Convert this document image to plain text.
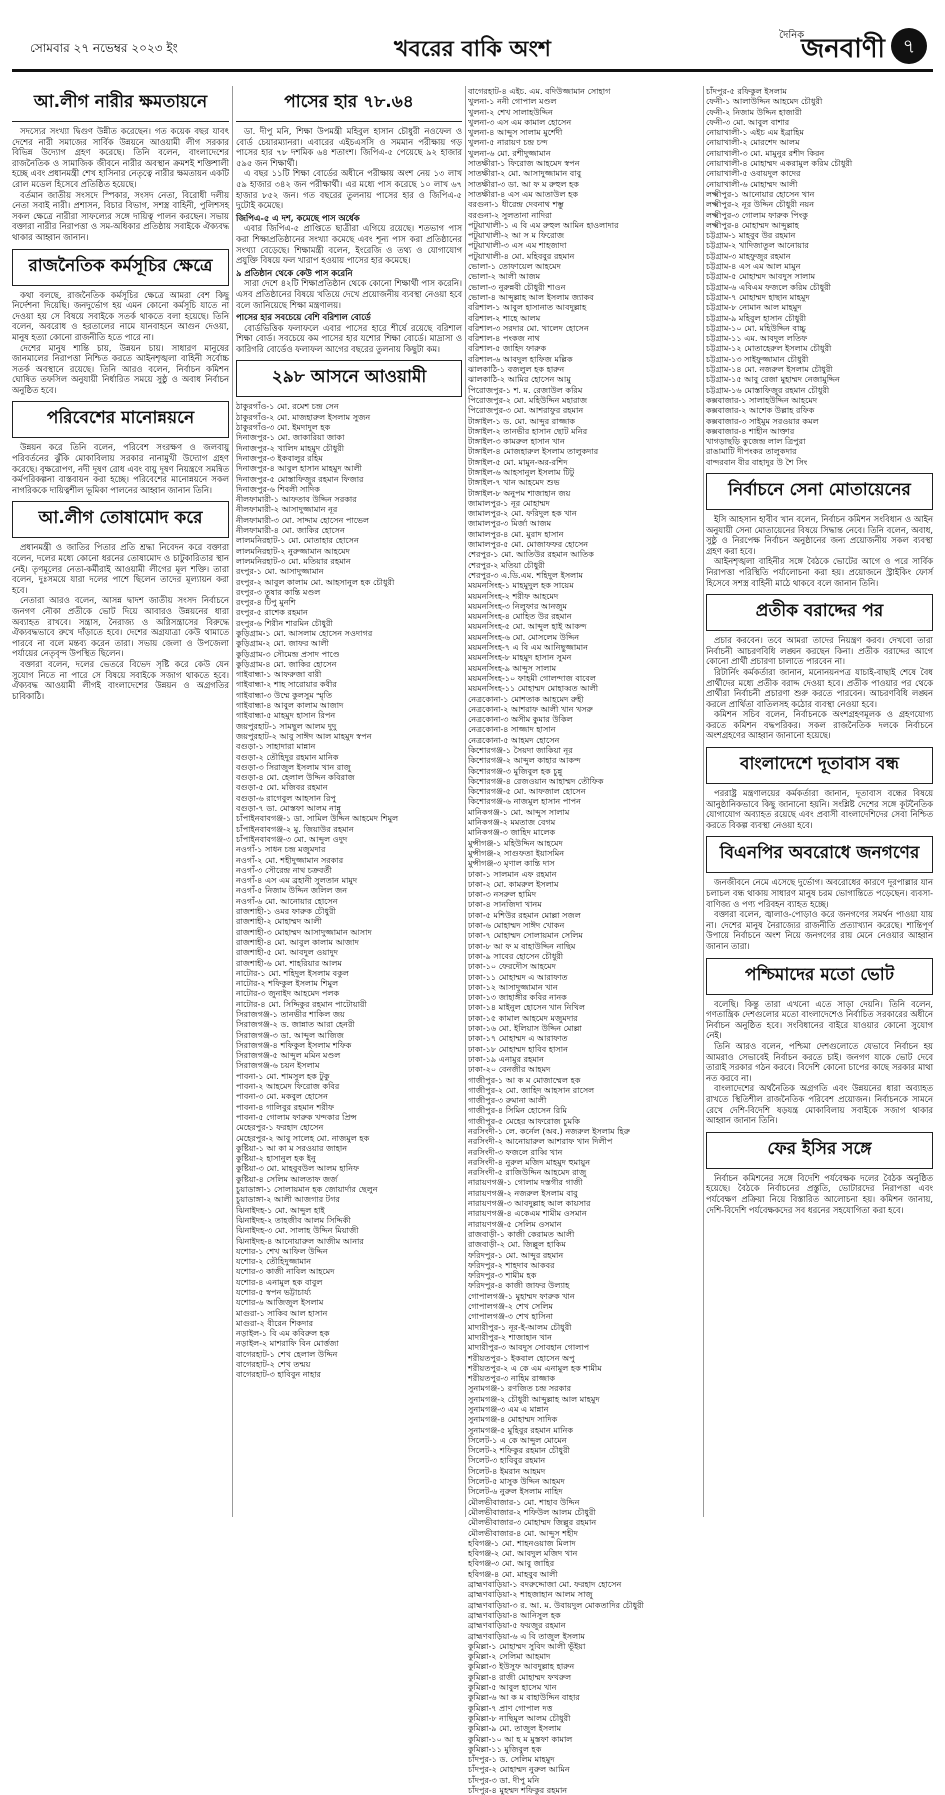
সোমবার ২৭ নভেম্বর ২০২৩ ইং	খবরের বাকি অংশ
দৈনিক
জনবাণী ৭
আ.লীগ নারীর ক্ষমতায়নে

সদস্যের সংখ্যা দ্বিগুণ উন্নীত করেছেন। গত কয়েক বছর যাবৎ দেশের নারী সমাজের সার্বিক উন্নয়নে আওয়ামী লীগ সরকার বিভিন্ন উদ্যোগ গ্রহণ করেছে। তিনি বলেন, বাংলাদেশের রাজনৈতিক ও সামাজিক জীবনে নারীর অবস্থান ক্রমশই শক্তিশালী হচ্ছে এবং প্রধানমন্ত্রী শেখ হাসিনার নেতৃত্বে নারীর ক্ষমতায়ন একটি রোল মডেল হিসেবে প্রতিষ্ঠিত হয়েছে।

বর্তমান জাতীয় সংসদে স্পিকার, সংসদ নেতা, বিরোধী দলীয় নেতা সবাই নারী। প্রশাসন, বিচার বিভাগ, সশস্ত্র বাহিনী, পুলিশসহ সকল ক্ষেত্রে নারীরা সাফল্যের সঙ্গে দায়িত্ব পালন করছেন। সভায় বক্তারা নারীর নিরাপত্তা ও সম-অধিকার প্রতিষ্ঠায় সবাইকে ঐক্যবদ্ধ থাকার আহ্বান জানান।

রাজনৈতিক কর্মসূচির ক্ষেত্রে

কথা বলছে, রাজনৈতিক কর্মসূচির ক্ষেত্রে আমরা বেশ কিছু নির্দেশনা দিয়েছি। জনদুর্ভোগ হয় এমন কোনো কর্মসূচি যাতে না দেওয়া হয় সে বিষয়ে সবাইকে সতর্ক থাকতে বলা হয়েছে। তিনি বলেন, অবরোধ ও হরতালের নামে যানবাহনে আগুন দেওয়া, মানুষ হত্যা কোনো রাজনীতি হতে পারে না।

দেশের মানুষ শান্তি চায়, উন্নয়ন চায়। সাধারণ মানুষের জানমালের নিরাপত্তা নিশ্চিত করতে আইনশৃঙ্খলা বাহিনী সর্বোচ্চ সতর্ক অবস্থানে রয়েছে। তিনি আরও বলেন, নির্বাচন কমিশন ঘোষিত তফসিল অনুযায়ী নির্ধারিত সময়ে সুষ্ঠু ও অবাধ নির্বাচন অনুষ্ঠিত হবে।

পরিবেশের মানোন্নয়নে

উন্নয়ন করে তিনি বলেন, পরিবেশ সংরক্ষণ ও জলবায়ু পরিবর্তনের ঝুঁকি মোকাবিলায় সরকার নানামুখী উদ্যোগ গ্রহণ করেছে। বৃক্ষরোপণ, নদী দূষণ রোধ এবং বায়ু দূষণ নিয়ন্ত্রণে সমন্বিত কর্মপরিকল্পনা বাস্তবায়ন করা হচ্ছে। পরিবেশের মানোন্নয়নে সকল নাগরিককে দায়িত্বশীল ভূমিকা পালনের আহ্বান জানান তিনি।

আ.লীগ তোষামোদ করে

প্রধানমন্ত্রী ও জাতির পিতার প্রতি শ্রদ্ধা নিবেদন করে বক্তারা বলেন, দলের মধ্যে কোনো ধরনের তোষামোদ ও চাটুকারিতার স্থান নেই। তৃণমূলের নেতা-কর্মীরাই আওয়ামী লীগের মূল শক্তি। তারা বলেন, দুঃসময়ে যারা দলের পাশে ছিলেন তাদের মূল্যায়ন করা হবে।

নেতারা আরও বলেন, আসন্ন দ্বাদশ জাতীয় সংসদ নির্বাচনে জনগণ নৌকা প্রতীকে ভোট দিয়ে আবারও উন্নয়নের ধারা অব্যাহত রাখবে। সন্ত্রাস, নৈরাজ্য ও অগ্নিসন্ত্রাসের বিরুদ্ধে ঐক্যবদ্ধভাবে রুখে দাঁড়াতে হবে। দেশের অগ্রযাত্রা কেউ থামাতে পারবে না বলে মন্তব্য করেন তারা। সভায় জেলা ও উপজেলা পর্যায়ের নেতৃবৃন্দ উপস্থিত ছিলেন।

বক্তারা বলেন, দলের ভেতরে বিভেদ সৃষ্টি করে কেউ যেন সুযোগ নিতে না পারে সে বিষয়ে সবাইকে সজাগ থাকতে হবে। ঐক্যবদ্ধ আওয়ামী লীগই বাংলাদেশের উন্নয়ন ও অগ্রগতির চাবিকাঠি।

পাসের হার ৭৮.৬৪

ডা. দীপু মনি, শিক্ষা উপমন্ত্রী মহিবুল হাসান চৌধুরী নওফেল ও বোর্ড চেয়ারম্যানরা। এবারের এইচএসসি ও সমমান পরীক্ষায় গড় পাসের হার ৭৮ দশমিক ৬৪ শতাংশ। জিপিএ-৫ পেয়েছে ৯২ হাজার ৫৯৫ জন শিক্ষার্থী।

এ বছর ১১টি শিক্ষা বোর্ডের অধীনে পরীক্ষায় অংশ নেয় ১৩ লাখ ৫৯ হাজার ৩৪২ জন পরীক্ষার্থী। এর মধ্যে পাস করেছে ১০ লাখ ৬৭ হাজার ৮৫২ জন। গত বছরের তুলনায় পাসের হার ও জিপিএ-৫ দুটোই কমেছে।

জিপিএ-৫ এ দশ, কমেছে পাস অর্ধেক

এবার জিপিএ-৫ প্রাপ্তিতে ছাত্রীরা এগিয়ে রয়েছে। শতভাগ পাস করা শিক্ষাপ্রতিষ্ঠানের সংখ্যা কমেছে এবং শূন্য পাস করা প্রতিষ্ঠানের সংখ্যা বেড়েছে। শিক্ষামন্ত্রী বলেন, ইংরেজি ও তথ্য ও যোগাযোগ প্রযুক্তি বিষয়ে ফল খারাপ হওয়ায় পাসের হার কমেছে।

৯ প্রতিষ্ঠান থেকে কেউ পাস করেনি

সারা দেশে ৪২টি শিক্ষাপ্রতিষ্ঠান থেকে কোনো শিক্ষার্থী পাস করেনি। এসব প্রতিষ্ঠানের বিষয়ে খতিয়ে দেখে প্রয়োজনীয় ব্যবস্থা নেওয়া হবে বলে জানিয়েছে শিক্ষা মন্ত্রণালয়।

পাসের হার সবচেয়ে বেশি বরিশাল বোর্ডে

বোর্ডভিত্তিক ফলাফলে এবার পাসের হারে শীর্ষে রয়েছে বরিশাল শিক্ষা বোর্ড। সবচেয়ে কম পাসের হার যশোর শিক্ষা বোর্ডে। মাদ্রাসা ও কারিগরি বোর্ডেও ফলাফল আগের বছরের তুলনায় কিছুটা কম।

২৯৮ আসনে আওয়ামী
ঠাকুরগাঁও-১ মো. রমেশ চন্দ্র সেন
ঠাকুরগাঁও-২ মো. মাজহারুল ইসলাম সুজন
ঠাকুরগাঁও-৩ মো. ইমদাদুল হক
দিনাজপুর-১ মো. জাকারিয়া জাকা
দিনাজপুর-২ খালিদ মাহমুদ চৌধুরী
দিনাজপুর-৩ ইকবালুর রহিম
দিনাজপুর-৪ আবুল হাসান মাহমুদ আলী
দিনাজপুর-৫ মোস্তাফিজুর রহমান ফিজার
দিনাজপুর-৬ শিবলী সাদিক
নীলফামারী-১ আফতাব উদ্দিন সরকার
নীলফামারী-২ আসাদুজ্জামান নূর
নীলফামারী-৩ মো. সাদ্দাম হোসেন পাভেল
নীলফামারী-৪ মো. জাকির হোসেন
লালমনিরহাট-১ মো. মোতাহার হোসেন
লালমনিরহাট-২ নুরুজ্জামান আহমেদ
লালমনিরহাট-৩ মো. মতিয়ার রহমান
রংপুর-১ মো. আসাদুজ্জামান
রংপুর-২ আবুল কালাম মো. আহসানুল হক চৌধুরী
রংপুর-৩ তুষার কান্তি মণ্ডল
রংপুর-৪ টিপু মুনশি
রংপুর-৫ রাশেক রহমান
রংপুর-৬ শিরীন শারমিন চৌধুরী
কুড়িগ্রাম-১ মো. আসলাম হোসেন সওদাগর
কুড়িগ্রাম-২ মো. জাফর আলী
কুড়িগ্রাম-৩ সৌমেন্দ্র প্রসাদ পাণ্ডে
কুড়িগ্রাম-৪ মো. জাকির হোসেন
গাইবান্ধা-১ আফরুজা বারী
গাইবান্ধা-২ শাহ সারোয়ার কবীর
গাইবান্ধা-৩ উম্মে কুলসুম স্মৃতি
গাইবান্ধা-৪ আবুল কালাম আজাদ
গাইবান্ধা-৫ মাহমুদ হাসান রিপন
জয়পুরহাট-১ সামছুল আলম দুদু
জয়পুরহাট-২ আবু সাঈদ আল মাহমুদ স্বপন
বগুড়া-১ সাহাদারা মান্নান
বগুড়া-২ তৌহিদুর রহমান মানিক
বগুড়া-৩ সিরাজুল ইসলাম খান রাজু
বগুড়া-৪ মো. হেলাল উদ্দিন কবিরাজ
বগুড়া-৫ মো. মজিবর রহমান
বগুড়া-৬ রাগেবুল আহসান রিপু
বগুড়া-৭ ডা. মোস্তফা আলম নান্নু
চাঁপাইনবাবগঞ্জ-১ ডা. সামিল উদ্দিন আহমেদ শিমুল
চাঁপাইনবাবগঞ্জ-২ মু. জিয়াউর রহমান
চাঁপাইনবাবগঞ্জ-৩ মো. আব্দুল ওদুদ
নওগাঁ-১ সাধন চন্দ্র মজুমদার
নওগাঁ-২ মো. শহীদুজ্জামান সরকার
নওগাঁ-৩ সৌরেন্দ্র নাথ চক্রবর্তী
নওগাঁ-৪ এস এম ব্রহানী সুলতান মামুদ
নওগাঁ-৫ নিজাম উদ্দিন জলিল জন
নওগাঁ-৬ মো. আনোয়ার হোসেন
রাজশাহী-১ ওমর ফারুক চৌধুরী
রাজশাহী-২ মোহাম্মদ আলী
রাজশাহী-৩ মোহাম্মদ আসাদুজ্জামান আসাদ
রাজশাহী-৪ মো. আবুল কালাম আজাদ
রাজশাহী-৫ মো. আবদুল ওয়াদুদ
রাজশাহী-৬ মো. শাহরিয়ার আলম
নাটোর-১ মো. শহিদুল ইসলাম বকুল
নাটোর-২ শফিকুল ইসলাম শিমুল
নাটোর-৩ জুনাইদ আহমেদ পলক
নাটোর-৪ মো. সিদ্দিকুর রহমান পাটোয়ারী
সিরাজগঞ্জ-১ তানভীর শাকিল জয়
সিরাজগঞ্জ-২ ড. জান্নাত আরা হেনরী
সিরাজগঞ্জ-৩ ডা. আব্দুল আজিজ
সিরাজগঞ্জ-৪ শফিকুল ইসলাম শফিক
সিরাজগঞ্জ-৫ আব্দুল মমিন মণ্ডল
সিরাজগঞ্জ-৬ চয়ন ইসলাম
পাবনা-১ মো. শামসুল হক টুকু
পাবনা-২ আহমেদ ফিরোজ কবির
পাবনা-৩ মো. মকবুল হোসেন
পাবনা-৪ গালিবুর রহমান শরীফ
পাবনা-৫ গোলাম ফারুক খন্দকার প্রিন্স
মেহেরপুর-১ ফরহাদ হোসেন
মেহেরপুর-২ আবু সালেহ মো. নাজমুল হক
কুষ্টিয়া-১ আ কা ম সরওয়ার জাহান
কুষ্টিয়া-২ হাসানুল হক ইনু
কুষ্টিয়া-৩ মো. মাহবুবউল আলম হানিফ
কুষ্টিয়া-৪ সেলিম আলতাফ জর্জ
চুয়াডাঙ্গা-১ সোলায়মান হক জোয়ার্দার ছেলুন
চুয়াডাঙ্গা-২ আলী আজগার টগর
ঝিনাইদহ-১ মো. আব্দুল হাই
ঝিনাইদহ-২ তাহজীব আলম সিদ্দিকী
ঝিনাইদহ-৩ মো. সালাহ উদ্দিন মিয়াজী
ঝিনাইদহ-৪ আনোয়ারুল আজীম আনার
যশোর-১ শেখ আফিল উদ্দিন
যশোর-২ তৌহিদুজ্জামান
যশোর-৩ কাজী নাবিল আহমেদ
যশোর-৪ এনামুল হক বাবুল
যশোর-৫ স্বপন ভট্টাচার্য্য
যশোর-৬ আজিজুল ইসলাম
মাগুরা-১ সাকিব আল হাসান
মাগুরা-২ বীরেন শিকদার
নড়াইল-১ বি এম কবিরুল হক
নড়াইল-২ মাশরাফি বিন মোর্ত্তজা
বাগেরহাট-১ শেখ হেলাল উদ্দিন
বাগেরহাট-২ শেখ তন্ময়
বাগেরহাট-৩ হাবিবুন নাহার
বাগেরহাট-৪ এইচ. এম. বদিউজ্জামান সোহাগ
খুলনা-১ ননী গোপাল মণ্ডল
খুলনা-২ শেখ সালাহউদ্দিন
খুলনা-৩ এস এম কামাল হোসেন
খুলনা-৪ আব্দুস সালাম মুর্শেদী
খুলনা-৫ নারায়ণ চন্দ্র চন্দ
খুলনা-৬ মো. রশীদুজ্জামান
সাতক্ষীরা-১ ফিরোজ আহমেদ স্বপন
সাতক্ষীরা-২ মো. আসাদুজ্জামান বাবু
সাতক্ষীরা-৩ ডা. আ ফ ম রুহুল হক
সাতক্ষীরা-৪ এস এম আতাউল হক
বরগুনা-১ ধীরেন্দ্র দেবনাথ শম্ভু
বরগুনা-২ সুলতানা নাদিরা
পটুয়াখালী-১ এ বি এম রুহুল আমিন হাওলাদার
পটুয়াখালী-২ আ স ম ফিরোজ
পটুয়াখালী-৩ এস এম শাহজাদা
পটুয়াখালী-৪ মো. মহিববুর রহমান
ভোলা-১ তোফায়েল আহমেদ
ভোলা-২ আলী আজম
ভোলা-৩ নুরুন্নবী চৌধুরী শাওন
ভোলা-৪ আব্দুল্লাহ আল ইসলাম জ্যাকব
বরিশাল-১ আবুল হাসানাত আবদুল্লাহ
বরিশাল-২ শাহে আলম
বরিশাল-৩ সরদার মো. খালেদ হোসেন
বরিশাল-৪ পংকজ নাথ
বরিশাল-৫ জাহিদ ফারুক
বরিশাল-৬ আবদুল হাফিজ মল্লিক
ঝালকাঠি-১ বজলুল হক হারুন
ঝালকাঠি-২ আমির হোসেন আমু
পিরোজপুর-১ শ. ম. রেজাউল করিম
পিরোজপুর-২ মো. মহিউদ্দিন মহারাজ
পিরোজপুর-৩ মো. আশরাফুর রহমান
টাঙ্গাইল-১ ড. মো. আব্দুর রাজ্জাক
টাঙ্গাইল-২ তানভীর হাসান ছোট মনির
টাঙ্গাইল-৩ কামরুল হাসান খান
টাঙ্গাইল-৪ মোজহারুল ইসলাম তালুকদার
টাঙ্গাইল-৫ মো. মামুন-অর-রশিদ
টাঙ্গাইল-৬ আহসানুল ইসলাম টিটু
টাঙ্গাইল-৭ খান আহমেদ শুভ
টাঙ্গাইল-৮ অনুপম শাজাহান জয়
জামালপুর-১ নূর মোহাম্মদ
জামালপুর-২ মো. ফরিদুল হক খান
জামালপুর-৩ মির্জা আজম
জামালপুর-৪ মো. মুরাদ হাসান
জামালপুর-৫ মো. মোজাফফর হোসেন
শেরপুর-১ মো. আতিউর রহমান আতিক
শেরপুর-২ মতিয়া চৌধুরী
শেরপুর-৩ এ.ডি.এম. শহিদুল ইসলাম
ময়মনসিংহ-১ মাহমুদুল হক সায়েম
ময়মনসিংহ-২ শরীফ আহমেদ
ময়মনসিংহ-৩ নিলুফার আনজুম
ময়মনসিংহ-৪ মোহিত উর রহমান
ময়মনসিংহ-৫ মো. আব্দুল হাই আকন্দ
ময়মনসিংহ-৬ মো. মোসলেম উদ্দিন
ময়মনসিংহ-৭ এ বি এম আনিছুজ্জামান
ময়মনসিংহ-৮ মাহমুদ হাসান সুমন
ময়মনসিংহ-৯ আব্দুস সালাম
ময়মনসিংহ-১০ ফাহমী গোলন্দাজ বাবেল
ময়মনসিংহ-১১ মোহাম্মদ মোহাব্বত আলী
নেত্রকোনা-১ মোশতাক আহমেদ রুহী
নেত্রকোনা-২ আশরাফ আলী খান খসরু
নেত্রকোনা-৩ অসীম কুমার উকিল
নেত্রকোনা-৪ সাজ্জাদ হাসান
নেত্রকোনা-৫ আহমদ হোসেন
কিশোরগঞ্জ-১ সৈয়দা জাকিয়া নূর
কিশোরগঞ্জ-২ আব্দুল কাহার আকন্দ
কিশোরগঞ্জ-৩ মুজিবুল হক চুন্নু
কিশোরগঞ্জ-৪ রেজওয়ান আহাম্মদ তৌফিক
কিশোরগঞ্জ-৫ মো. আফজাল হোসেন
কিশোরগঞ্জ-৬ নাজমুল হাসান পাপন
মানিকগঞ্জ-১ মো. আব্দুস সালাম
মানিকগঞ্জ-২ মমতাজ বেগম
মানিকগঞ্জ-৩ জাহিদ মালেক
মুন্সীগঞ্জ-১ মহিউদ্দিন আহমেদ
মুন্সীগঞ্জ-২ সাগুফতা ইয়াসমিন
মুন্সীগঞ্জ-৩ মৃণাল কান্তি দাস
ঢাকা-১ সালমান এফ রহমান
ঢাকা-২ মো. কামরুল ইসলাম
ঢাকা-৩ নসরুল হামিদ
ঢাকা-৪ সানজিদা খানম
ঢাকা-৫ মশিউর রহমান মোল্লা সজল
ঢাকা-৬ মোহাম্মদ সাঈদ খোকন
ঢাকা-৭ মোহাম্মদ সোলায়মান সেলিম
ঢাকা-৮ আ ফ ম বাহাউদ্দিন নাছিম
ঢাকা-৯ সাবের হোসেন চৌধুরী
ঢাকা-১০ ফেরদৌস আহমেদ
ঢাকা-১১ মোহাম্মদ এ আরাফাত
ঢাকা-১২ আসাদুজ্জামান খান
ঢাকা-১৩ জাহাঙ্গীর কবির নানক
ঢাকা-১৪ মাইনুল হোসেন খান নিখিল
ঢাকা-১৫ কামাল আহমেদ মজুমদার
ঢাকা-১৬ মো. ইলিয়াস উদ্দিন মোল্লা
ঢাকা-১৭ মোহাম্মদ এ আরাফাত
ঢাকা-১৮ মোহাম্মদ হাবিব হাসান
ঢাকা-১৯ এনামুর রহমান
ঢাকা-২০ বেনজীর আহমদ
গাজীপুর-১ আ ক ম মোজাম্মেল হক
গাজীপুর-২ মো. জাহিদ আহসান রাসেল
গাজীপুর-৩ রুমানা আলী
গাজীপুর-৪ সিমিন হোসেন রিমি
গাজীপুর-৫ মেহের আফরোজ চুমকি
নরসিংদী-১ লে. কর্নেল (অব.) নজরুল ইসলাম হিরু
নরসিংদী-২ আনোয়ারুল আশরাফ খান দিলীপ
নরসিংদী-৩ ফজলে রাব্বি খান
নরসিংদী-৪ নুরুল মজিদ মাহমুদ হুমায়ুন
নরসিংদী-৫ রাজিউদ্দিন আহমেদ রাজু
নারায়ণগঞ্জ-১ গোলাম দস্তগীর গাজী
নারায়ণগঞ্জ-২ নজরুল ইসলাম বাবু
নারায়ণগঞ্জ-৩ আবদুল্লাহ আল কায়সার
নারায়ণগঞ্জ-৪ একেএম শামীম ওসমান
নারায়ণগঞ্জ-৫ সেলিম ওসমান
রাজবাড়ী-১ কাজী কেরামত আলী
রাজবাড়ী-২ মো. জিল্লুল হাকিম
ফরিদপুর-১ মো. আব্দুর রহমান
ফরিদপুর-২ শাহদাব আকবর
ফরিদপুর-৩ শামীম হক
ফরিদপুর-৪ কাজী জাফর উল্যাহ
গোপালগঞ্জ-১ মুহাম্মদ ফারুক খান
গোপালগঞ্জ-২ শেখ সেলিম
গোপালগঞ্জ-৩ শেখ হাসিনা
মাদারীপুর-১ নূর-ই-আলম চৌধুরী
মাদারীপুর-২ শাজাহান খান
মাদারীপুর-৩ আবদুস সোবহান গোলাপ
শরীয়তপুর-১ ইকবাল হোসেন অপু
শরীয়তপুর-২ এ কে এম এনামুল হক শামীম
শরীয়তপুর-৩ নাহিম রাজ্জাক
সুনামগঞ্জ-১ রণজিত চন্দ্র সরকার
সুনামগঞ্জ-২ চৌধুরী আব্দুল্লাহ আল মাহমুদ
সুনামগঞ্জ-৩ এম এ মান্নান
সুনামগঞ্জ-৪ মোহাম্মদ সাদিক
সুনামগঞ্জ-৫ মুহিবুর রহমান মানিক
সিলেট-১ এ কে আব্দুল মোমেন
সিলেট-২ শফিকুর রহমান চৌধুরী
সিলেট-৩ হাবিবুর রহমান
সিলেট-৪ ইমরান আহমদ
সিলেট-৫ মাসুক উদ্দিন আহমদ
সিলেট-৬ নুরুল ইসলাম নাহিদ
মৌলভীবাজার-১ মো. শাহাব উদ্দিন
মৌলভীবাজার-২ শফিউল আলম চৌধুরী
মৌলভীবাজার-৩ মোহাম্মদ জিল্লুর রহমান
মৌলভীবাজার-৪ মো. আব্দুস শহীদ
হবিগঞ্জ-১ মো. শাহনওয়াজ মিলাদ
হবিগঞ্জ-২ মো. আবদুল মজিদ খান
হবিগঞ্জ-৩ মো. আবু জাহির
হবিগঞ্জ-৪ মো. মাহবুব আলী
ব্রাহ্মণবাড়িয়া-১ বদরুদ্দোজা মো. ফরহাদ হোসেন
ব্রাহ্মণবাড়িয়া-২ শাহজাহান আলম সাজু
ব্রাহ্মণবাড়িয়া-৩ র. আ. ম. উবায়দুল মোকতাদির চৌধুরী
ব্রাহ্মণবাড়িয়া-৪ আনিসুল হক
ব্রাহ্মণবাড়িয়া-৫ ফয়জুর রহমান
ব্রাহ্মণবাড়িয়া-৬ এ বি তাজুল ইসলাম
কুমিল্লা-১ মোহাম্মদ সুবিদ আলী ভূঁইয়া
কুমিল্লা-২ সেলিমা আহমাদ
কুমিল্লা-৩ ইউসুফ আবদুল্লাহ হারুন
কুমিল্লা-৪ রাজী মোহাম্মদ ফখরুল
কুমিল্লা-৫ আবুল হাসেম খান
কুমিল্লা-৬ আ ক ম বাহাউদ্দিন বাহার
কুমিল্লা-৭ প্রাণ গোপাল দত্ত
কুমিল্লা-৮ নাছিমুল আলম চৌধুরী
কুমিল্লা-৯ মো. তাজুল ইসলাম
কুমিল্লা-১০ আ হ ম মুস্তফা কামাল
কুমিল্লা-১১ মুজিবুল হক
চাঁদপুর-১ ড. সেলিম মাহমুদ
চাঁদপুর-২ মোহাম্মদ নুরুল আমিন
চাঁদপুর-৩ ডা. দীপু মনি
চাঁদপুর-৪ মুহম্মদ শফিকুর রহমান
চাঁদপুর-৫ রফিকুল ইসলাম
ফেনী-১ আলাউদ্দিন আহমেদ চৌধুরী
ফেনী-২ নিজাম উদ্দিন হাজারী
ফেনী-৩ মো. আবুল বাশার
নোয়াখালী-১ এইচ এম ইব্রাহিম
নোয়াখালী-২ মোরশেদ আলম
নোয়াখালী-৩ মো. মামুনুর রশীদ কিরন
নোয়াখালী-৪ মোহাম্মদ একরামুল করিম চৌধুরী
নোয়াখালী-৫ ওবায়দুল কাদের
নোয়াখালী-৬ মোহাম্মদ আলী
লক্ষ্মীপুর-১ আনোয়ার হোসেন খান
লক্ষ্মীপুর-২ নূর উদ্দিন চৌধুরী নয়ন
লক্ষ্মীপুর-৩ গোলাম ফারুক পিংকু
লক্ষ্মীপুর-৪ মোহাম্মদ আব্দুল্লাহ
চট্টগ্রাম-১ মাহবুব উর রহমান
চট্টগ্রাম-২ খাদিজাতুল আনোয়ার
চট্টগ্রাম-৩ মাহফুজুর রহমান
চট্টগ্রাম-৪ এস এম আল মামুন
চট্টগ্রাম-৫ মোহাম্মদ আবদুস সালাম
চট্টগ্রাম-৬ এবিএম ফজলে করিম চৌধুরী
চট্টগ্রাম-৭ মোহাম্মদ হাছান মাহমুদ
চট্টগ্রাম-৮ নোমান আল মাহমুদ
চট্টগ্রাম-৯ মহিবুল হাসান চৌধুরী
চট্টগ্রাম-১০ মো. মহিউদ্দিন বাচ্চু
চট্টগ্রাম-১১ এম. আবদুল লতিফ
চট্টগ্রাম-১২ মোতাহেরুল ইসলাম চৌধুরী
চট্টগ্রাম-১৩ সাইফুজ্জামান চৌধুরী
চট্টগ্রাম-১৪ মো. নজরুল ইসলাম চৌধুরী
চট্টগ্রাম-১৫ আবু রেজা মুহাম্মদ নেজামুদ্দিন
চট্টগ্রাম-১৬ মোস্তাফিজুর রহমান চৌধুরী
কক্সবাজার-১ সালাহউদ্দিন আহমেদ
কক্সবাজার-২ আশেক উল্লাহ রফিক
কক্সবাজার-৩ সাইমুম সরওয়ার কমল
কক্সবাজার-৪ শাহীন আক্তার
খাগড়াছড়ি কুজেন্দ্র লাল ত্রিপুরা
রাঙামাটি দীপংকর তালুকদার
বান্দরবান বীর বাহাদুর উ শৈ সিং
নির্বাচনে সেনা মোতায়েনের

ইসি আহসান হাবীব খান বলেন, নির্বাচন কমিশন সংবিধান ও আইন অনুযায়ী সেনা মোতায়েনের বিষয়ে সিদ্ধান্ত নেবে। তিনি বলেন, অবাধ, সুষ্ঠু ও নিরপেক্ষ নির্বাচন অনুষ্ঠানের জন্য প্রয়োজনীয় সকল ব্যবস্থা গ্রহণ করা হবে।

আইনশৃঙ্খলা বাহিনীর সঙ্গে বৈঠকে ভোটের আগে ও পরে সার্বিক নিরাপত্তা পরিস্থিতি পর্যালোচনা করা হয়। প্রয়োজনে স্ট্রাইকিং ফোর্স হিসেবে সশস্ত্র বাহিনী মাঠে থাকবে বলে জানান তিনি।

প্রতীক বরাদ্দের পর

প্রচার করবেন। তবে আমরা তাদের নিয়ন্ত্রণ করব। দেখবো তারা নির্বাচনী আচরণবিধি লঙ্ঘন করছেন কিনা। প্রতীক বরাদ্দের আগে কোনো প্রার্থী প্রচারণা চালাতে পারবেন না।

রিটার্নিং কর্মকর্তারা জানান, মনোনয়নপত্র যাচাই-বাছাই শেষে বৈধ প্রার্থীদের মধ্যে প্রতীক বরাদ্দ দেওয়া হবে। প্রতীক পাওয়ার পর থেকে প্রার্থীরা নির্বাচনী প্রচারণা শুরু করতে পারবেন। আচরণবিধি লঙ্ঘন করলে প্রার্থিতা বাতিলসহ কঠোর ব্যবস্থা নেওয়া হবে।

কমিশন সচিব বলেন, নির্বাচনকে অংশগ্রহণমূলক ও গ্রহণযোগ্য করতে কমিশন বদ্ধপরিকর। সকল রাজনৈতিক দলকে নির্বাচনে অংশগ্রহণের আহ্বান জানানো হয়েছে।

বাংলাদেশে দূতাবাস বন্ধ

পররাষ্ট্র মন্ত্রণালয়ের কর্মকর্তারা জানান, দূতাবাস বন্ধের বিষয়ে আনুষ্ঠানিকভাবে কিছু জানানো হয়নি। সংশ্লিষ্ট দেশের সঙ্গে কূটনৈতিক যোগাযোগ অব্যাহত রয়েছে এবং প্রবাসী বাংলাদেশিদের সেবা নিশ্চিত করতে বিকল্প ব্যবস্থা নেওয়া হবে।

বিএনপির অবরোধে জনগণের

জনজীবনে নেমে এসেছে দুর্ভোগ। অবরোধের কারণে দূরপাল্লার যান চলাচল বন্ধ থাকায় সাধারণ মানুষ চরম ভোগান্তিতে পড়েছেন। ব্যবসা-বাণিজ্য ও পণ্য পরিবহন ব্যাহত হচ্ছে।

বক্তারা বলেন, জ্বালাও-পোড়াও করে জনগণের সমর্থন পাওয়া যায় না। দেশের মানুষ নৈরাজ্যের রাজনীতি প্রত্যাখ্যান করেছে। শান্তিপূর্ণ উপায়ে নির্বাচনে অংশ নিয়ে জনগণের রায় মেনে নেওয়ার আহ্বান জানান তারা।

পশ্চিমাদের মতো ভোট

বলেছি। কিন্তু তারা এখনো এতে সাড়া দেয়নি। তিনি বলেন, গণতান্ত্রিক দেশগুলোর মতো বাংলাদেশেও নির্বাচিত সরকারের অধীনে নির্বাচন অনুষ্ঠিত হবে। সংবিধানের বাইরে যাওয়ার কোনো সুযোগ নেই।

তিনি আরও বলেন, পশ্চিমা দেশগুলোতে যেভাবে নির্বাচন হয় আমরাও সেভাবেই নির্বাচন করতে চাই। জনগণ যাকে ভোট দেবে তারাই সরকার গঠন করবে। বিদেশি কোনো চাপের কাছে সরকার মাথা নত করবে না।

বাংলাদেশের অর্থনৈতিক অগ্রগতি এবং উন্নয়নের ধারা অব্যাহত রাখতে স্থিতিশীল রাজনৈতিক পরিবেশ প্রয়োজন। নির্বাচনকে সামনে রেখে দেশি-বিদেশি ষড়যন্ত্র মোকাবিলায় সবাইকে সজাগ থাকার আহ্বান জানান তিনি।

ফের ইসির সঙ্গে

নির্বাচন কমিশনের সঙ্গে বিদেশি পর্যবেক্ষক দলের বৈঠক অনুষ্ঠিত হয়েছে। বৈঠকে নির্বাচনের প্রস্তুতি, ভোটারদের নিরাপত্তা এবং পর্যবেক্ষণ প্রক্রিয়া নিয়ে বিস্তারিত আলোচনা হয়। কমিশন জানায়, দেশি-বিদেশি পর্যবেক্ষকদের সব ধরনের সহযোগিতা করা হবে।
